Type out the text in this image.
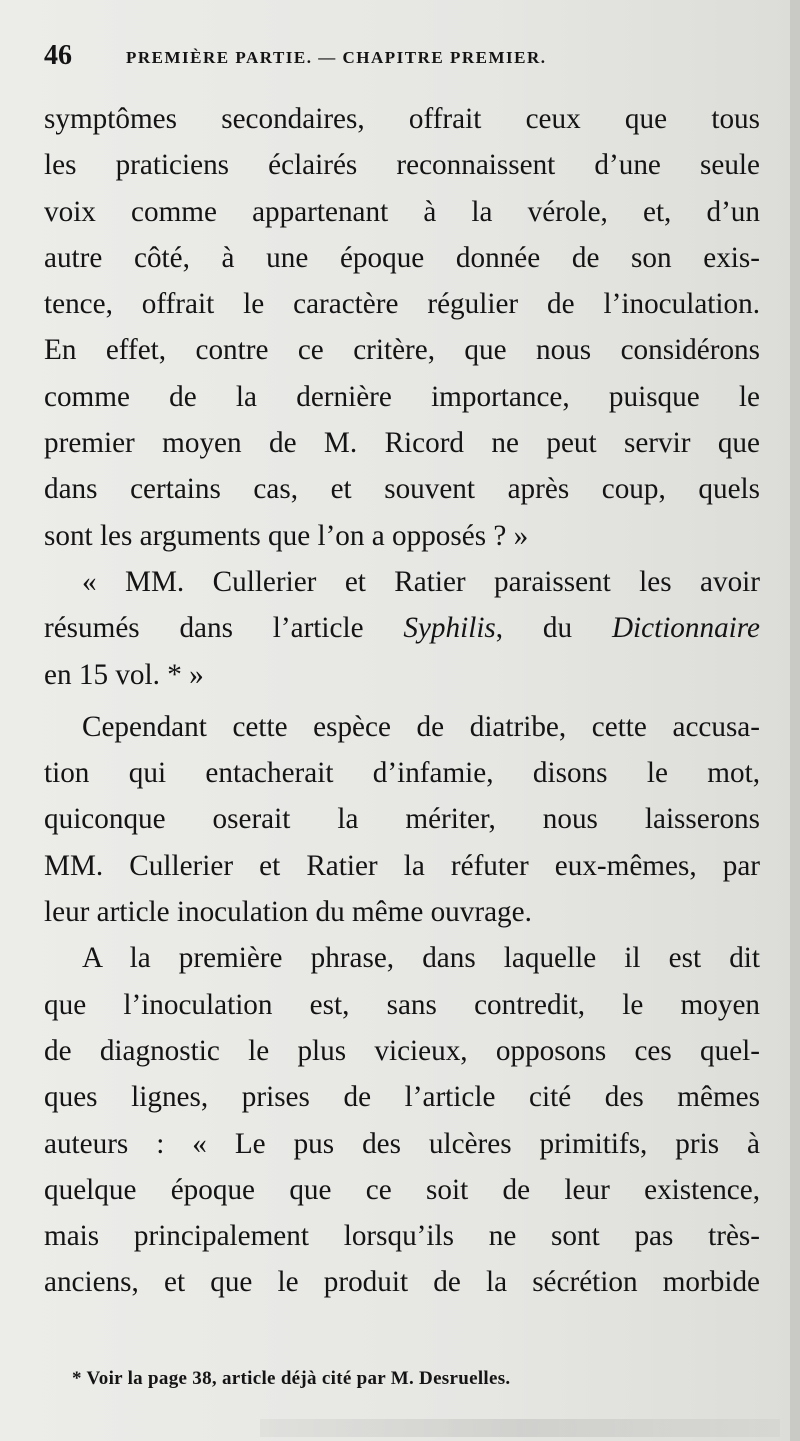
46	PREMIÈRE PARTIE. — CHAPITRE PREMIER.
symptômes secondaires, offrait ceux que tous
les praticiens éclairés reconnaissent d’une seule
voix comme appartenant à la vérole, et, d’un
autre côté, à une époque donnée de son exis-
tence, offrait le caractère régulier de l’inoculation.
En effet, contre ce critère, que nous considérons
comme de la dernière importance, puisque le
premier moyen de M. Ricord ne peut servir que
dans certains cas, et souvent après coup, quels
sont les arguments que l’on a opposés ? »
« MM. Cullerier et Ratier paraissent les avoir
résumés dans l’article Syphilis, du Dictionnaire
en 15 vol. * »
Cependant cette espèce de diatribe, cette accusa-
tion qui entacherait d’infamie, disons le mot,
quiconque oserait la mériter, nous laisserons
MM. Cullerier et Ratier la réfuter eux-mêmes, par
leur article inoculation du même ouvrage.
A la première phrase, dans laquelle il est dit
que l’inoculation est, sans contredit, le moyen
de diagnostic le plus vicieux, opposons ces quel-
ques lignes, prises de l’article cité des mêmes
auteurs : « Le pus des ulcères primitifs, pris à
quelque époque que ce soit de leur existence,
mais principalement lorsqu’ils ne sont pas très-
anciens, et que le produit de la sécrétion morbide
* Voir la page 38, article déjà cité par M. Desruelles.
